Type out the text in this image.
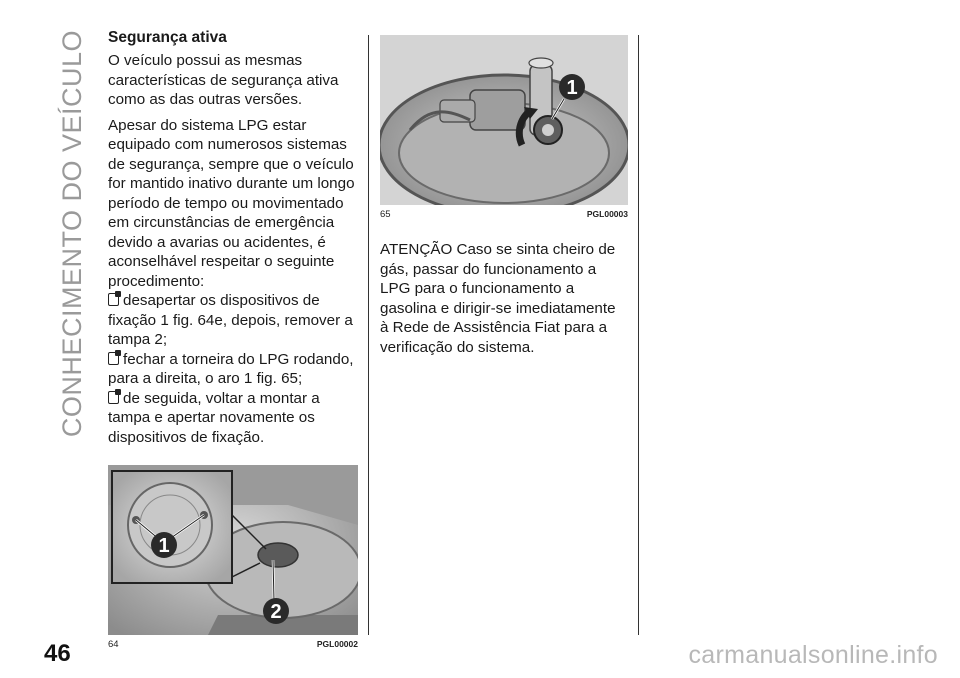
CONHECIMENTO DO VEÍCULO Segurança ativa

O veículo possui as mesmas características de segurança ativa como as das outras versões.

Apesar do sistema LPG estar equipado com numerosos sistemas de segurança, sempre que o veículo for mantido inativo durante um longo período de tempo ou movimentado em circunstâncias de emergência devido a avarias ou acidentes, é aconselhável respeitar o seguinte procedimento:

desapertar os dispositivos de fixação 1 fig. 64e, depois, remover a tampa 2;

fechar a torneira do LPG rodando, para a direita, o aro 1 fig. 65;

de seguida, voltar a montar a tampa e apertar novamente os dispositivos de fixação.

1
2
64	PGL00002
1
65	PGL00003

ATENÇÃO Caso se sinta cheiro de gás, passar do funcionamento a LPG para o funcionamento a gasolina e dirigir-se imediatamente à Rede de Assistência Fiat para a verificação do sistema.

46	carmanualsonline.info
